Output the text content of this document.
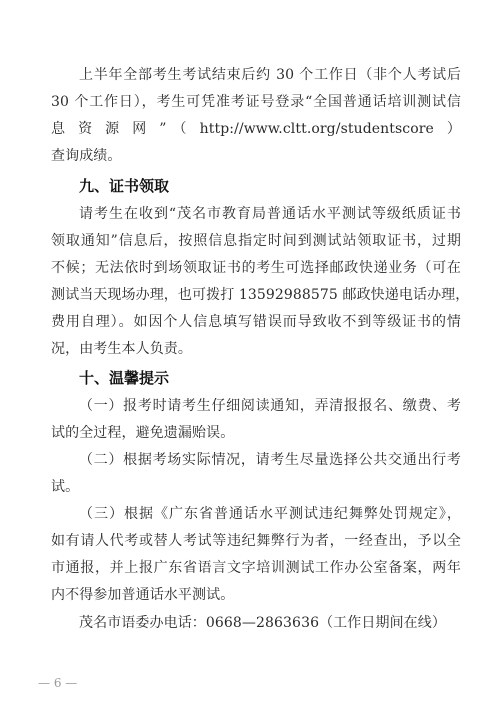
上半年全部考生考试结束后约 30 个工作日（非个人考试后
30 个工作日），考生可凭准考证号登录“全国普通话培训测试信
息资源网”（http://www.cltt.org/studentscore）
查询成绩。
九、证书领取
请考生在收到“茂名市教育局普通话水平测试等级纸质证书
领取通知”信息后，按照信息指定时间到测试站领取证书，过期
不候；无法依时到场领取证书的考生可选择邮政快递业务（可在
测试当天现场办理，也可拨打 13592988575 邮政快递电话办理，
费用自理）。如因个人信息填写错误而导致收不到等级证书的情
况，由考生本人负责。
十、温馨提示
（一）报考时请考生仔细阅读通知，弄清报报名、缴费、考
试的全过程，避免遗漏贻误。
（二）根据考场实际情况，请考生尽量选择公共交通出行考
试。
（三）根据《广东省普通话水平测试违纪舞弊处罚规定》，
如有请人代考或替人考试等违纪舞弊行为者，一经查出，予以全
市通报，并上报广东省语言文字培训测试工作办公室备案，两年
内不得参加普通话水平测试。
茂名市语委办电话：0668—2863636（工作日期间在线）
— 6 —
